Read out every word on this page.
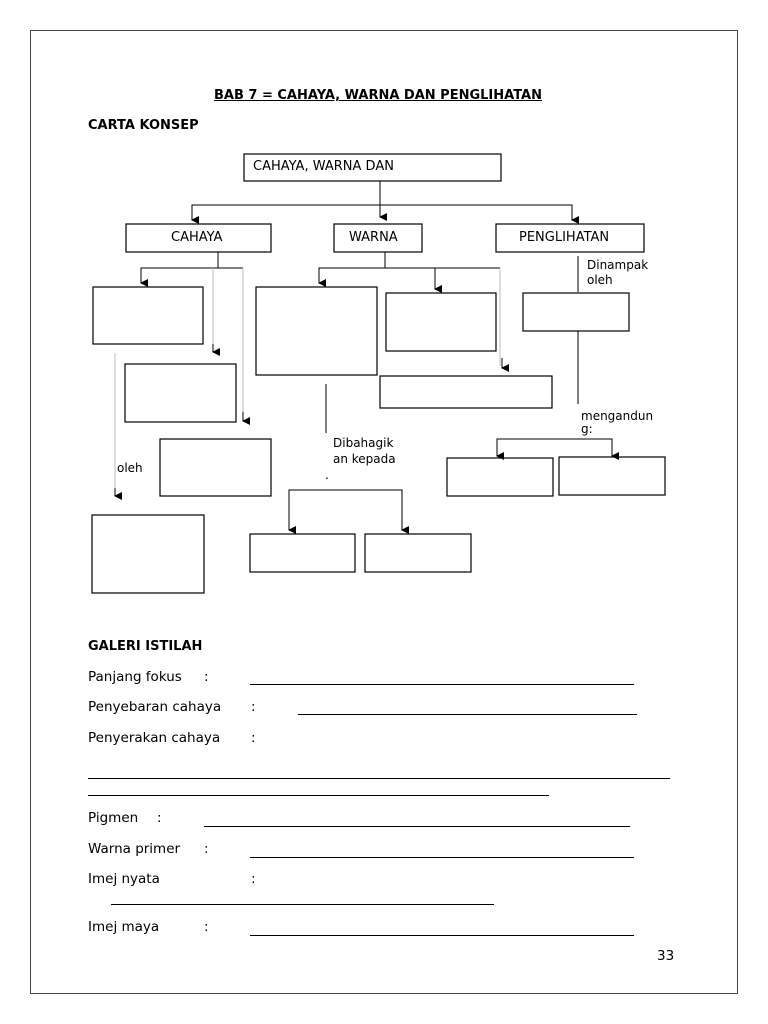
BAB 7 = CAHAYA, WARNA DAN PENGLIHATAN
CARTA KONSEP
CAHAYA, WARNA DAN
CAHAYA	WARNA	PENGLIHATAN
Dinampak
oleh
mengandun
g:
oleh
Dibahagik
an kepada
.
GALERI ISTILAH
Panjang fokus :
Penyebaran cahaya :
Penyerakan cahaya :
Pigmen :
Warna primer :
Imej nyata	:
Imej maya	:
33
